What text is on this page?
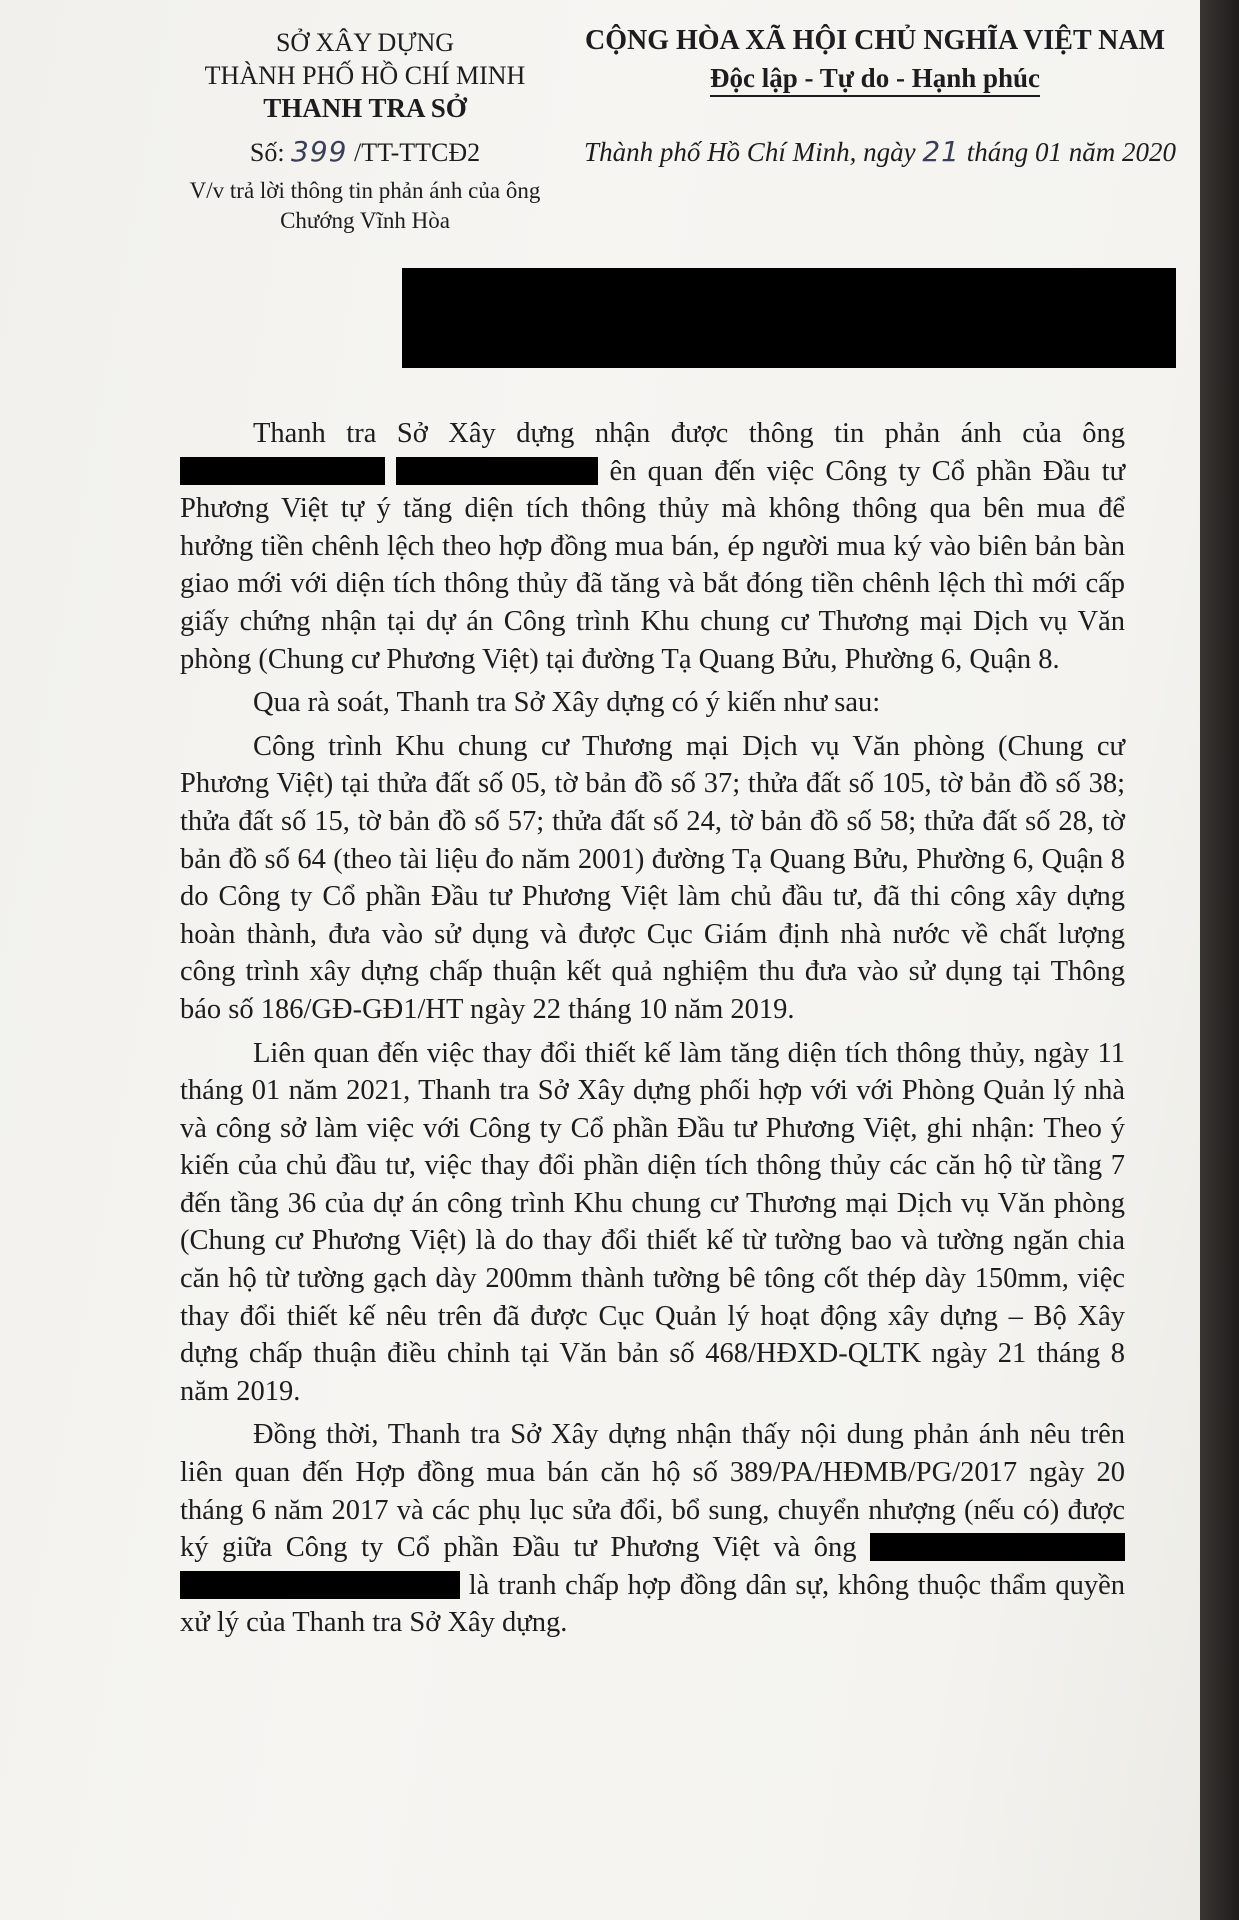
SỞ XÂY DỰNG
THÀNH PHỐ HỒ CHÍ MINH
THANH TRA SỞ
Số: 399 /TT-TTCĐ2
V/v trả lời thông tin phản ánh của ông
Chướng Vĩnh Hòa
CỘNG HÒA XÃ HỘI CHỦ NGHĨA VIỆT NAM
Độc lập - Tự do - Hạnh phúc
Thành phố Hồ Chí Minh, ngày 21 tháng 01 năm 2020

Thanh tra Sở Xây dựng nhận được thông tin phản ánh của ông   ên quan đến việc Công ty Cổ phần Đầu tư Phương Việt tự ý tăng diện tích thông thủy mà không thông qua bên mua để hưởng tiền chênh lệch theo hợp đồng mua bán, ép người mua ký vào biên bản bàn giao mới với diện tích thông thủy đã tăng và bắt đóng tiền chênh lệch thì mới cấp giấy chứng nhận tại dự án Công trình Khu chung cư Thương mại Dịch vụ Văn phòng (Chung cư Phương Việt) tại đường Tạ Quang Bửu, Phường 6, Quận 8.

Qua rà soát, Thanh tra Sở Xây dựng có ý kiến như sau:

Công trình Khu chung cư Thương mại Dịch vụ Văn phòng (Chung cư Phương Việt) tại thửa đất số 05, tờ bản đồ số 37; thửa đất số 105, tờ bản đồ số 38; thửa đất số 15, tờ bản đồ số 57; thửa đất số 24, tờ bản đồ số 58; thửa đất số 28, tờ bản đồ số 64 (theo tài liệu đo năm 2001) đường Tạ Quang Bửu, Phường 6, Quận 8 do Công ty Cổ phần Đầu tư Phương Việt làm chủ đầu tư, đã thi công xây dựng hoàn thành, đưa vào sử dụng và được Cục Giám định nhà nước về chất lượng công trình xây dựng chấp thuận kết quả nghiệm thu đưa vào sử dụng tại Thông báo số 186/GĐ-GĐ1/HT ngày 22 tháng 10 năm 2019.

Liên quan đến việc thay đổi thiết kế làm tăng diện tích thông thủy, ngày 11 tháng 01 năm 2021, Thanh tra Sở Xây dựng phối hợp với với Phòng Quản lý nhà và công sở làm việc với Công ty Cổ phần Đầu tư Phương Việt, ghi nhận: Theo ý kiến của chủ đầu tư, việc thay đổi phần diện tích thông thủy các căn hộ từ tầng 7 đến tầng 36 của dự án công trình Khu chung cư Thương mại Dịch vụ Văn phòng (Chung cư Phương Việt) là do thay đổi thiết kế từ tường bao và tường ngăn chia căn hộ từ tường gạch dày 200mm thành tường bê tông cốt thép dày 150mm, việc thay đổi thiết kế nêu trên đã được Cục Quản lý hoạt động xây dựng – Bộ Xây dựng chấp thuận điều chỉnh tại Văn bản số 468/HĐXD-QLTK ngày 21 tháng 8 năm 2019.

Đồng thời, Thanh tra Sở Xây dựng nhận thấy nội dung phản ánh nêu trên liên quan đến Hợp đồng mua bán căn hộ số 389/PA/HĐMB/PG/2017 ngày 20 tháng 6 năm 2017 và các phụ lục sửa đổi, bổ sung, chuyển nhượng (nếu có) được ký giữa Công ty Cổ phần Đầu tư Phương Việt và ông   là tranh chấp hợp đồng dân sự, không thuộc thẩm quyền xử lý của Thanh tra Sở Xây dựng.
